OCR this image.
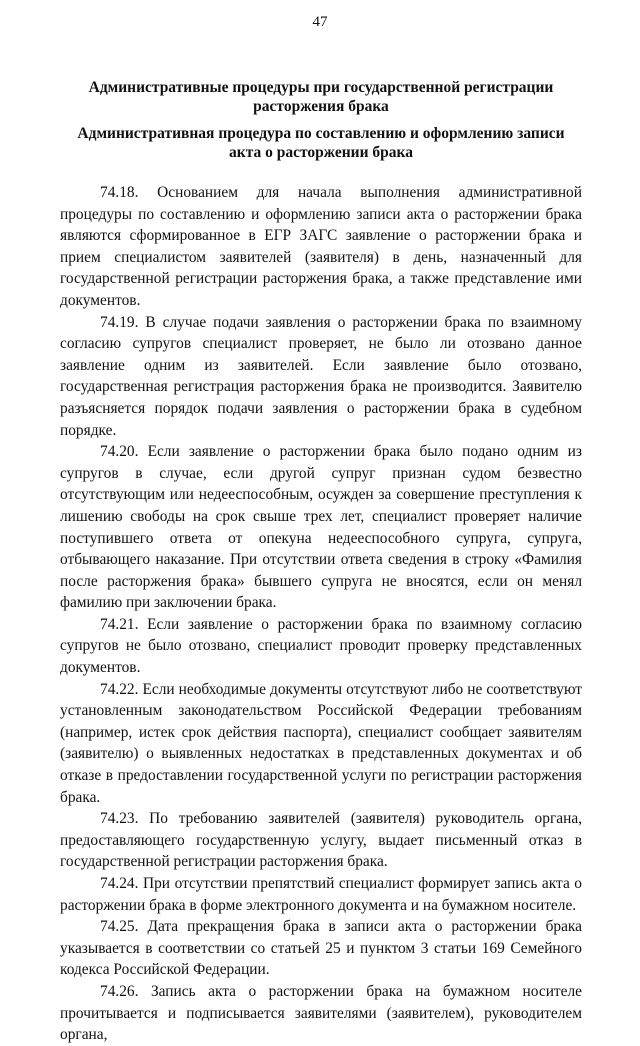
47
Административные процедуры при государственной регистрации расторжения брака
Административная процедура по составлению и оформлению записи акта о расторжении брака

74.18. Основанием для начала выполнения административной процедуры по составлению и оформлению записи акта о расторжении брака являются сформированное в ЕГР ЗАГС заявление о расторжении брака и прием специалистом заявителей (заявителя) в день, назначенный для государственной регистрации расторжения брака, а также представление ими документов.

74.19. В случае подачи заявления о расторжении брака по взаимному согласию супругов специалист проверяет, не было ли отозвано данное заявление одним из заявителей. Если заявление было отозвано, государственная регистрация расторжения брака не производится. Заявителю разъясняется порядок подачи заявления о расторжении брака в судебном порядке.

74.20. Если заявление о расторжении брака было подано одним из супругов в случае, если другой супруг признан судом безвестно отсутствующим или недееспособным, осужден за совершение преступления к лишению свободы на срок свыше трех лет, специалист проверяет наличие поступившего ответа от опекуна недееспособного супруга, супруга, отбывающего наказание. При отсутствии ответа сведения в строку «Фамилия после расторжения брака» бывшего супруга не вносятся, если он менял фамилию при заключении брака.

74.21. Если заявление о расторжении брака по взаимному согласию супругов не было отозвано, специалист проводит проверку представленных документов.

74.22. Если необходимые документы отсутствуют либо не соответствуют установленным законодательством Российской Федерации требованиям (например, истек срок действия паспорта), специалист сообщает заявителям (заявителю) о выявленных недостатках в представленных документах и об отказе в предоставлении государственной услуги по регистрации расторжения брака.

74.23. По требованию заявителей (заявителя) руководитель органа, предоставляющего государственную услугу, выдает письменный отказ в государственной регистрации расторжения брака.

74.24. При отсутствии препятствий специалист формирует запись акта о расторжении брака в форме электронного документа и на бумажном носителе.

74.25. Дата прекращения брака в записи акта о расторжении брака указывается в соответствии со статьей 25 и пунктом 3 статьи 169 Семейного кодекса Российской Федерации.

74.26. Запись акта о расторжении брака на бумажном носителе прочитывается и подписывается заявителями (заявителем), руководителем органа,
